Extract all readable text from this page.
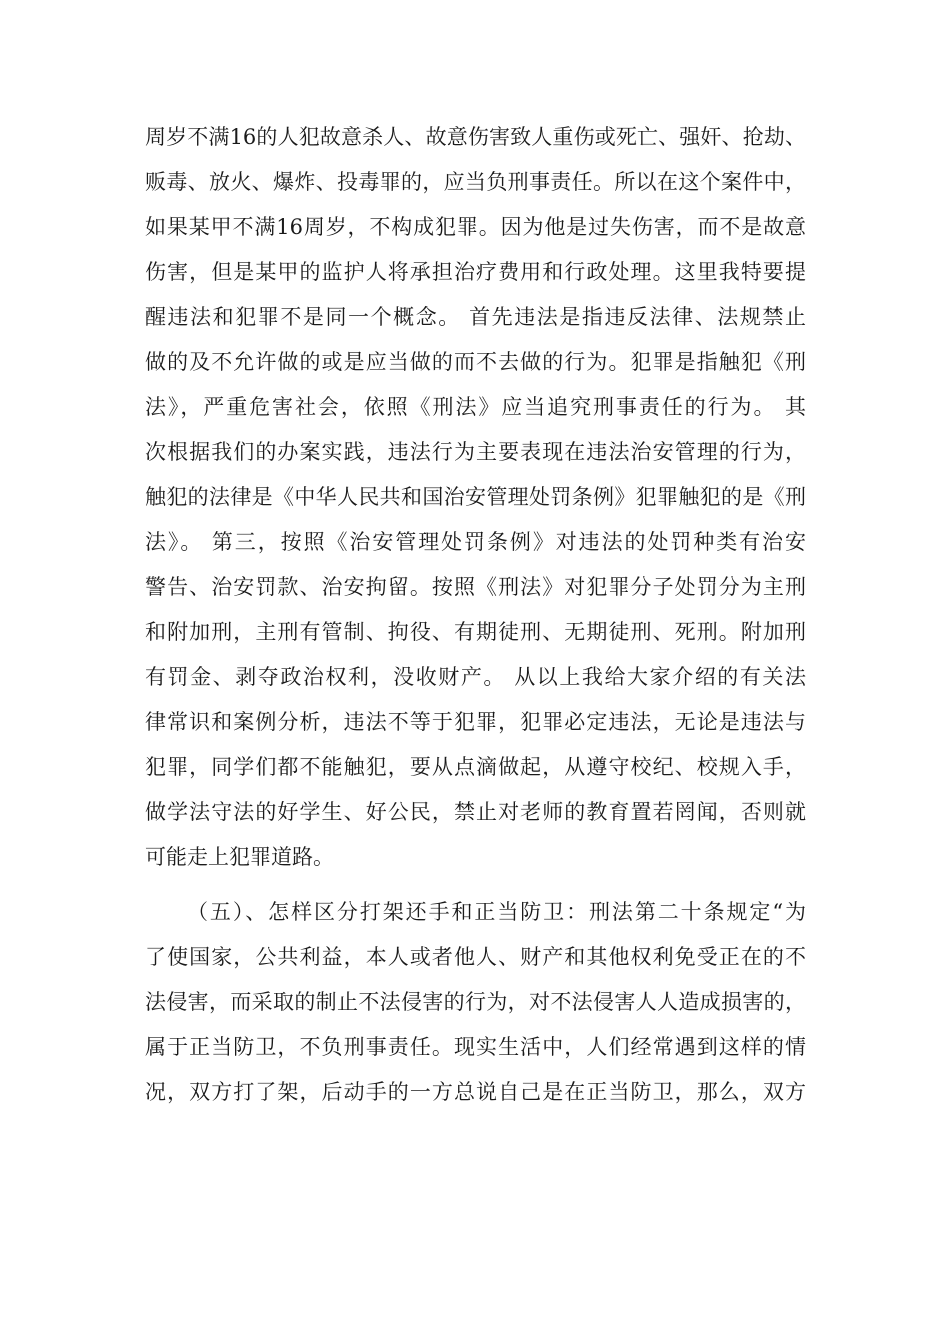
周岁不满16的人犯故意杀人、故意伤害致人重伤或死亡、强奸、抢劫、
贩毒、放火、爆炸、投毒罪的，应当负刑事责任。所以在这个案件中，
如果某甲不满16周岁，不构成犯罪。因为他是过失伤害，而不是故意
伤害，但是某甲的监护人将承担治疗费用和行政处理。这里我特要提
醒违法和犯罪不是同一个概念。 首先违法是指违反法律、法规禁止
做的及不允许做的或是应当做的而不去做的行为。犯罪是指触犯《刑
法》，严重危害社会，依照《刑法》应当追究刑事责任的行为。 其
次根据我们的办案实践，违法行为主要表现在违法治安管理的行为，
触犯的法律是《中华人民共和国治安管理处罚条例》犯罪触犯的是《刑
法》。 第三，按照《治安管理处罚条例》对违法的处罚种类有治安
警告、治安罚款、治安拘留。按照《刑法》对犯罪分子处罚分为主刑
和附加刑，主刑有管制、拘役、有期徒刑、无期徒刑、死刑。附加刑
有罚金、剥夺政治权利，没收财产。 从以上我给大家介绍的有关法
律常识和案例分析，违法不等于犯罪，犯罪必定违法，无论是违法与
犯罪，同学们都不能触犯，要从点滴做起，从遵守校纪、校规入手，
做学法守法的好学生、好公民，禁止对老师的教育置若罔闻，否则就
可能走上犯罪道路。
（五）、怎样区分打架还手和正当防卫：刑法第二十条规定“为
了使国家，公共利益，本人或者他人、财产和其他权利免受正在的不
法侵害，而采取的制止不法侵害的行为，对不法侵害人人造成损害的，
属于正当防卫，不负刑事责任。现实生活中，人们经常遇到这样的情
况，双方打了架，后动手的一方总说自己是在正当防卫，那么，双方
